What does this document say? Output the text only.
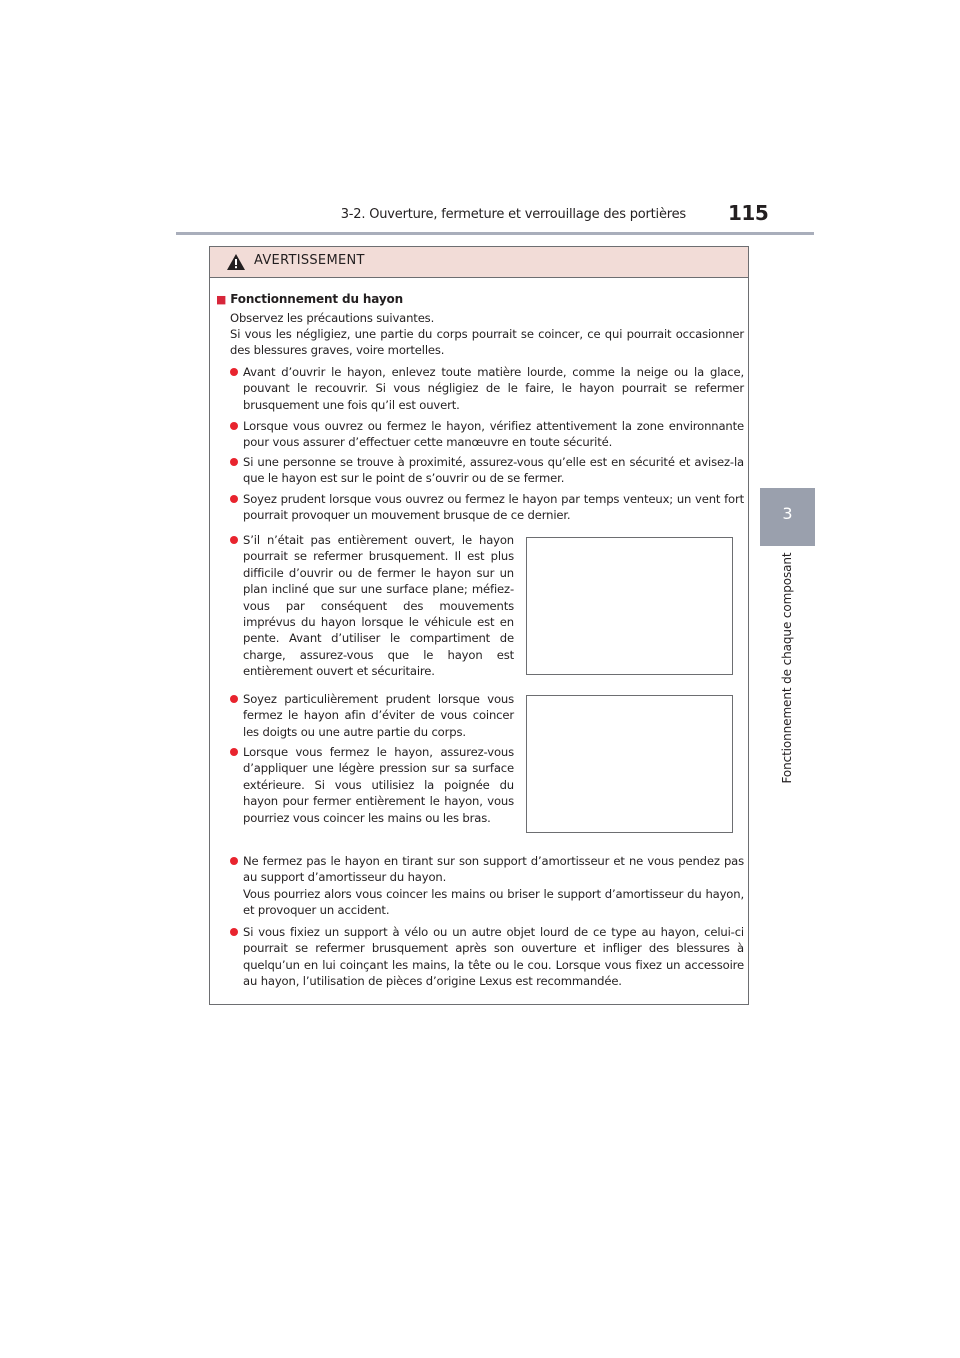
3-2. Ouverture, fermeture et verrouillage des portières 115
3
Fonctionnement de chaque composant
AVERTISSEMENT
■ Fonctionnement du hayon
Observez les précautions suivantes.
Si vous les négligiez, une partie du corps pourrait se coincer, ce qui pourrait occasionner des blessures graves, voire mortelles.
Avant d’ouvrir le hayon, enlevez toute matière lourde, comme la neige ou la glace, pouvant le recouvrir. Si vous négligiez de le faire, le hayon pourrait se refermer brusquement une fois qu’il est ouvert.
Lorsque vous ouvrez ou fermez le hayon, vérifiez attentivement la zone environnante pour vous assurer d’effectuer cette manœuvre en toute sécurité.
Si une personne se trouve à proximité, assurez-vous qu’elle est en sécurité et avisez-la que le hayon est sur le point de s’ouvrir ou de se fermer.
Soyez prudent lorsque vous ouvrez ou fermez le hayon par temps venteux; un vent fort pourrait provoquer un mouvement brusque de ce dernier.
S’il n’était pas entièrement ouvert, le hayon pourrait se refermer brusquement. Il est plus difficile d’ouvrir ou de fermer le hayon sur un plan incliné que sur une surface plane; méfiez-vous par conséquent des mouvements imprévus du hayon lorsque le véhicule est en pente. Avant d’utiliser le compartiment de charge, assurez-vous que le hayon est entièrement ouvert et sécuritaire.
Soyez particulièrement prudent lorsque vous fermez le hayon afin d’éviter de vous coincer les doigts ou une autre partie du corps.
Lorsque vous fermez le hayon, assurez-vous d’appliquer une légère pression sur sa surface extérieure. Si vous utilisiez la poignée du hayon pour fermer entièrement le hayon, vous pourriez vous coincer les mains ou les bras.
Ne fermez pas le hayon en tirant sur son support d’amortisseur et ne vous pendez pas au support d’amortisseur du hayon.
Vous pourriez alors vous coincer les mains ou briser le support d’amortisseur du hayon, et provoquer un accident.
Si vous fixiez un support à vélo ou un autre objet lourd de ce type au hayon, celui-ci pourrait se refermer brusquement après son ouverture et infliger des blessures à quelqu’un en lui coinçant les mains, la tête ou le cou. Lorsque vous fixez un accessoire au hayon, l’utilisation de pièces d’origine Lexus est recommandée.
